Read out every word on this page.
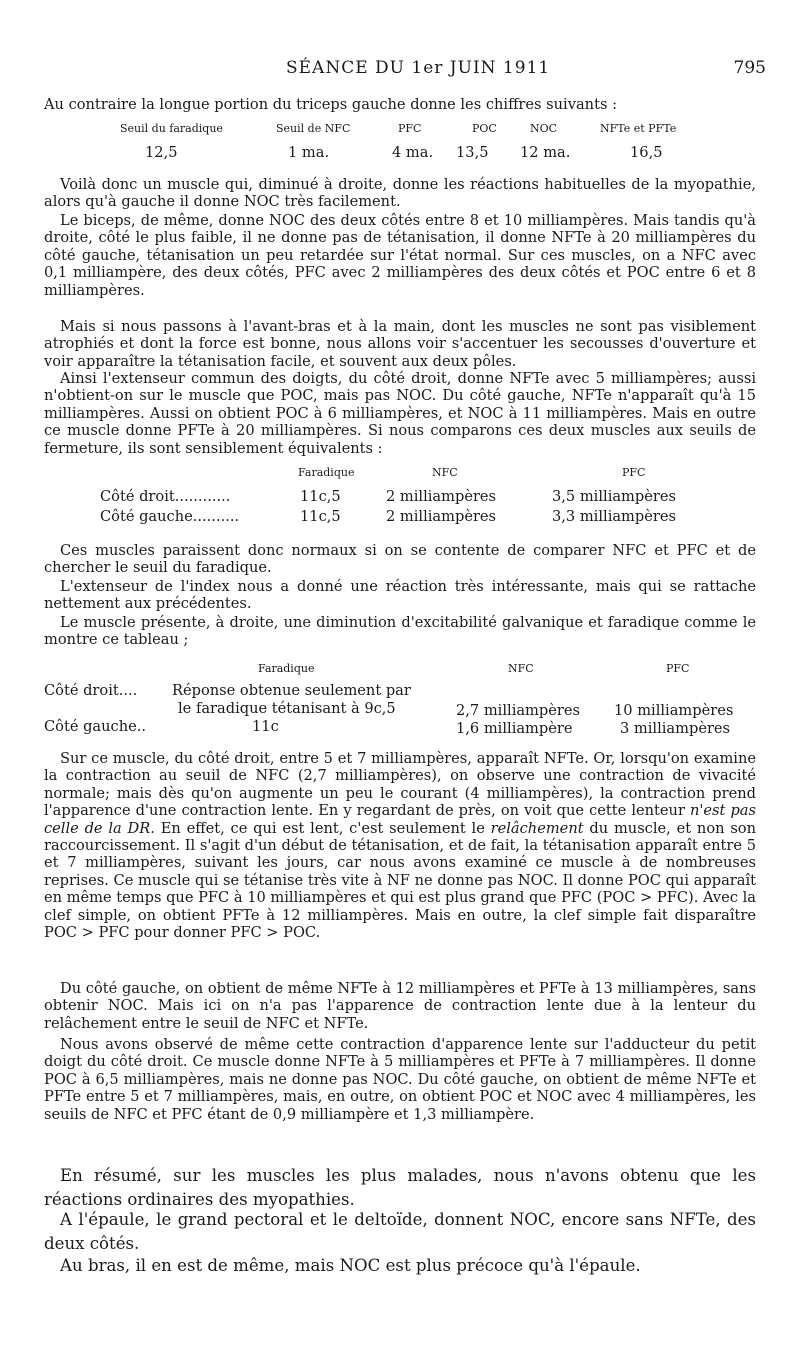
SÉANCE DU 1er JUIN 1911	795
Au contraire la longue portion du triceps gauche donne les chiffres suivants :
Seuil du faradique	Seuil de NFC	PFC	POC	NOC	NFTe et PFTe
12,5	1 ma.	4 ma. 13,5 12 ma.	16,5
Voilà donc un muscle qui, diminué à droite, donne les réactions habituelles de la myopathie, alors qu'à gauche il donne NOC très facilement.
Le biceps, de même, donne NOC des deux côtés entre 8 et 10 milliampères. Mais tandis qu'à droite, côté le plus faible, il ne donne pas de tétanisation, il donne NFTe à 20 milliampères du côté gauche, tétanisation un peu retardée sur l'état normal. Sur ces muscles, on a NFC avec 0,1 milliampère, des deux côtés, PFC avec 2 milliampères des deux côtés et POC entre 6 et 8 milliampères.
Mais si nous passons à l'avant-bras et à la main, dont les muscles ne sont pas visiblement atrophiés et dont la force est bonne, nous allons voir s'accentuer les secousses d'ouverture et voir apparaître la tétanisation facile, et souvent aux deux pôles.
Ainsi l'extenseur commun des doigts, du côté droit, donne NFTe avec 5 milliampères; aussi n'obtient-on sur le muscle que POC, mais pas NOC. Du côté gauche, NFTe n'apparaît qu'à 15 milliampères. Aussi on obtient POC à 6 milliampères, et NOC à 11 milliampères. Mais en outre ce muscle donne PFTe à 20 milliampères. Si nous comparons ces deux muscles aux seuils de fermeture, ils sont sensiblement équivalents :
Faradique	NFC	PFC
Côté droit............	11c,5	2 milliampères	3,5 milliampères
Côté gauche..........	11c,5	2 milliampères	3,3 milliampères
Ces muscles paraissent donc normaux si on se contente de comparer NFC et PFC et de chercher le seuil du faradique.
L'extenseur de l'index nous a donné une réaction très intéressante, mais qui se rattache nettement aux précédentes.
Le muscle présente, à droite, une diminution d'excitabilité galvanique et faradique comme le montre ce tableau ;
Faradique	NFC	PFC
Côté droit.... Réponse obtenue seulement par
le faradique tétanisant à 9c,5	2,7 milliampères 10 milliampères
Côté gauche..	11c	1,6 milliampère	3 milliampères
Sur ce muscle, du côté droit, entre 5 et 7 milliampères, apparaît NFTe. Or, lorsqu'on examine la contraction au seuil de NFC (2,7 milliampères), on observe une contraction de vivacité normale; mais dès qu'on augmente un peu le courant (4 milliampères), la contraction prend l'apparence d'une contraction lente. En y regardant de près, on voit que cette lenteur n'est pas celle de la DR. En effet, ce qui est lent, c'est seulement le relâchement du muscle, et non son raccourcissement. Il s'agit d'un début de tétanisation, et de fait, la tétanisation apparaît entre 5 et 7 milliampères, suivant les jours, car nous avons examiné ce muscle à de nombreuses reprises. Ce muscle qui se tétanise très vite à NF ne donne pas NOC. Il donne POC qui apparaît en même temps que PFC à 10 milliampères et qui est plus grand que PFC (POC > PFC). Avec la clef simple, on obtient PFTe à 12 milliampères. Mais en outre, la clef simple fait disparaître POC > PFC pour donner PFC > POC.
Du côté gauche, on obtient de même NFTe à 12 milliampères et PFTe à 13 milliampères, sans obtenir NOC. Mais ici on n'a pas l'apparence de contraction lente due à la lenteur du relâchement entre le seuil de NFC et NFTe.
Nous avons observé de même cette contraction d'apparence lente sur l'adducteur du petit doigt du côté droit. Ce muscle donne NFTe à 5 milliampères et PFTe à 7 milliampères. Il donne POC à 6,5 milliampères, mais ne donne pas NOC. Du côté gauche, on obtient de même NFTe et PFTe entre 5 et 7 milliampères, mais, en outre, on obtient POC et NOC avec 4 milliampères, les seuils de NFC et PFC étant de 0,9 milliampère et 1,3 milliampère.
En résumé, sur les muscles les plus malades, nous n'avons obtenu que les réactions ordinaires des myopathies.
A l'épaule, le grand pectoral et le deltoïde, donnent NOC, encore sans NFTe, des deux côtés.
Au bras, il en est de même, mais NOC est plus précoce qu'à l'épaule.
